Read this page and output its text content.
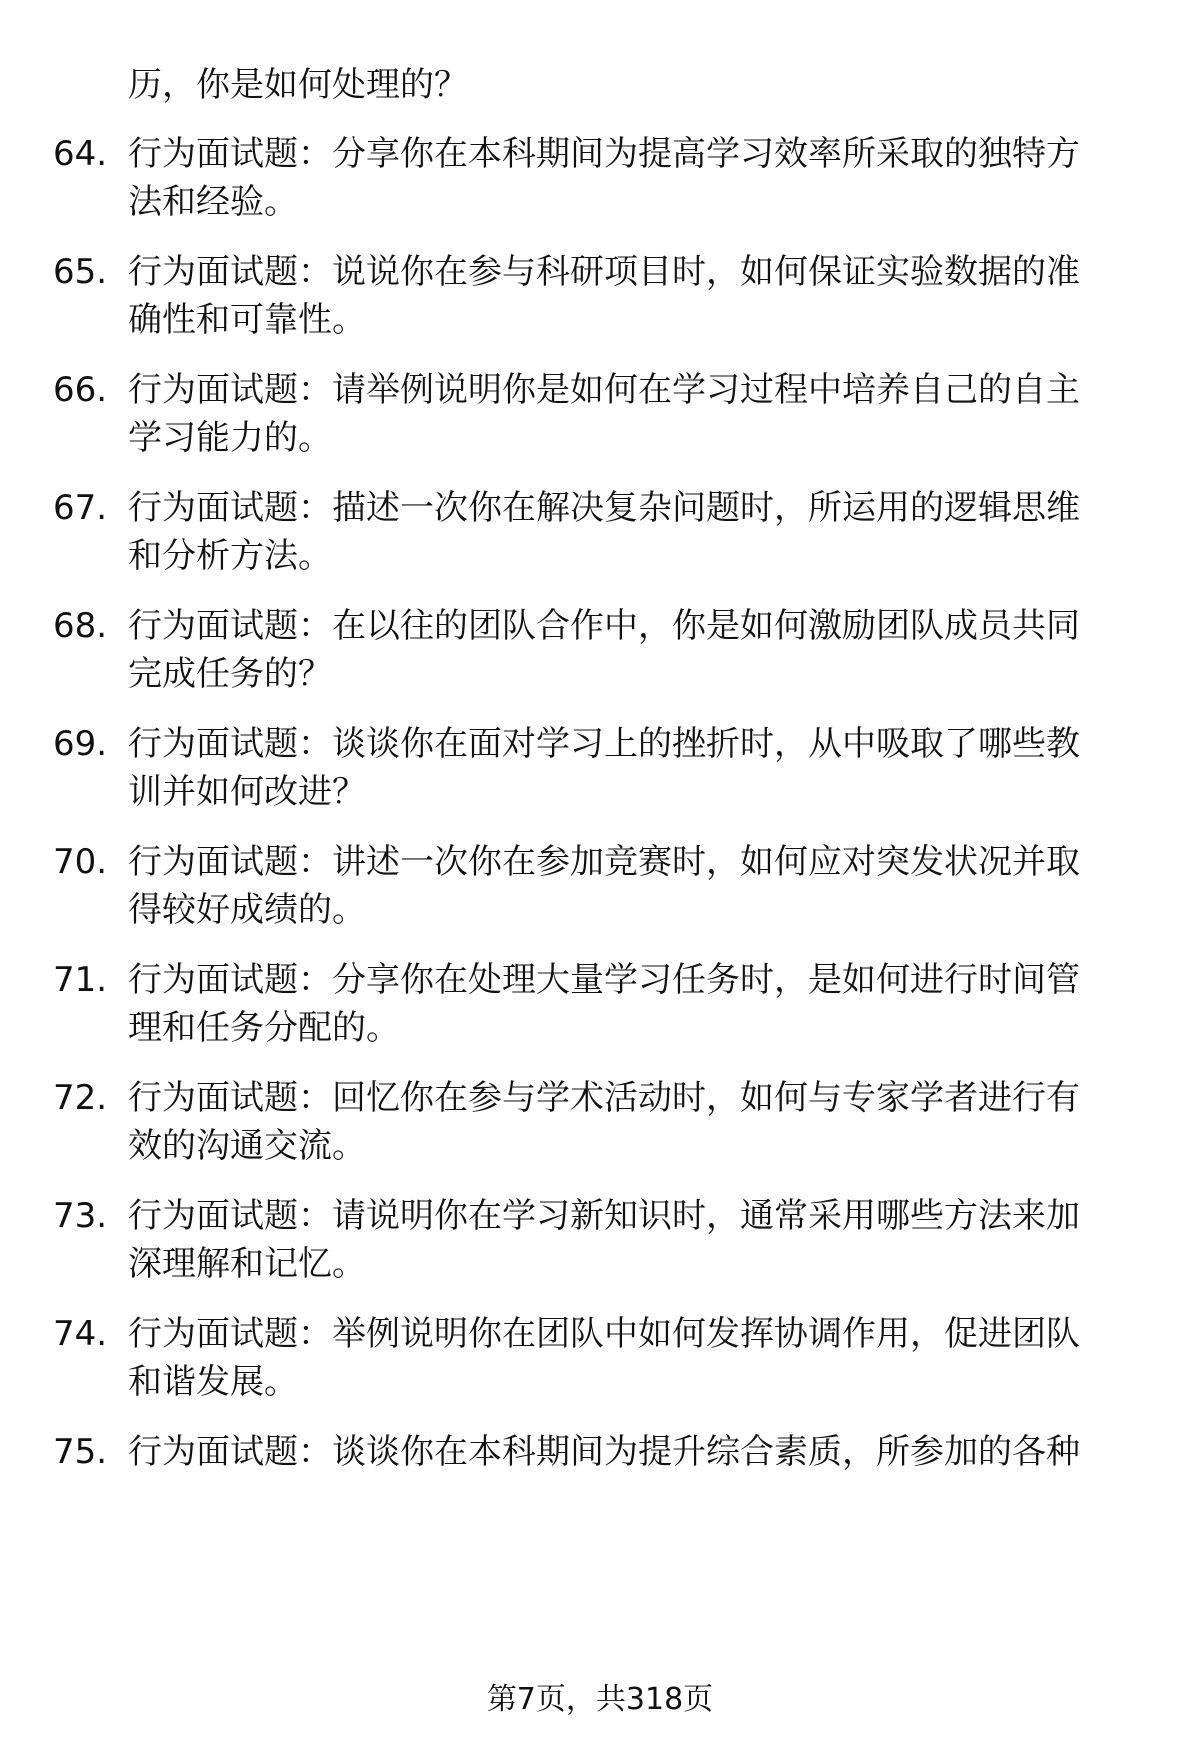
历，你是如何处理的？
64. 行为面试题：分享你在本科期间为提高学习效率所采取的独特方
法和经验。
65. 行为面试题：说说你在参与科研项目时，如何保证实验数据的准
确性和可靠性。
66. 行为面试题：请举例说明你是如何在学习过程中培养自己的自主
学习能力的。
67. 行为面试题：描述一次你在解决复杂问题时，所运用的逻辑思维
和分析方法。
68. 行为面试题：在以往的团队合作中，你是如何激励团队成员共同
完成任务的？
69. 行为面试题：谈谈你在面对学习上的挫折时，从中吸取了哪些教
训并如何改进？
70. 行为面试题：讲述一次你在参加竞赛时，如何应对突发状况并取
得较好成绩的。
71. 行为面试题：分享你在处理大量学习任务时，是如何进行时间管
理和任务分配的。
72. 行为面试题：回忆你在参与学术活动时，如何与专家学者进行有
效的沟通交流。
73. 行为面试题：请说明你在学习新知识时，通常采用哪些方法来加
深理解和记忆。
74. 行为面试题：举例说明你在团队中如何发挥协调作用，促进团队
和谐发展。
75. 行为面试题：谈谈你在本科期间为提升综合素质，所参加的各种
第7页，共318页
